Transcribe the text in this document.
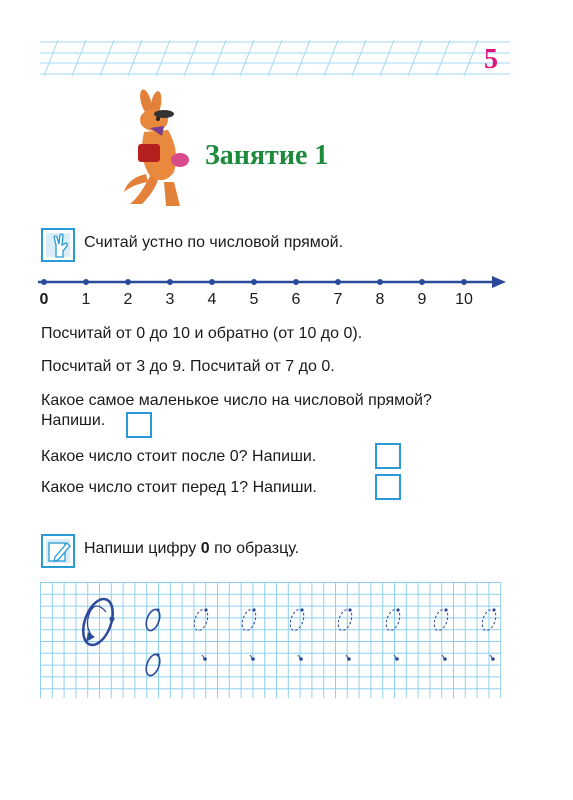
5
Занятие 1
Считай устно по числовой прямой.
0 1 2 3 4 5 6 7 8 9 10
Посчитай от 0 до 10 и обратно (от 10 до 0).
Посчитай от 3 до 9. Посчитай от 7 до 0.
Какое самое маленькое число на числовой прямой?
Напиши.
Какое число стоит после 0? Напиши.
Какое число стоит перед 1? Напиши.
Напиши цифру 0 по образцу.
